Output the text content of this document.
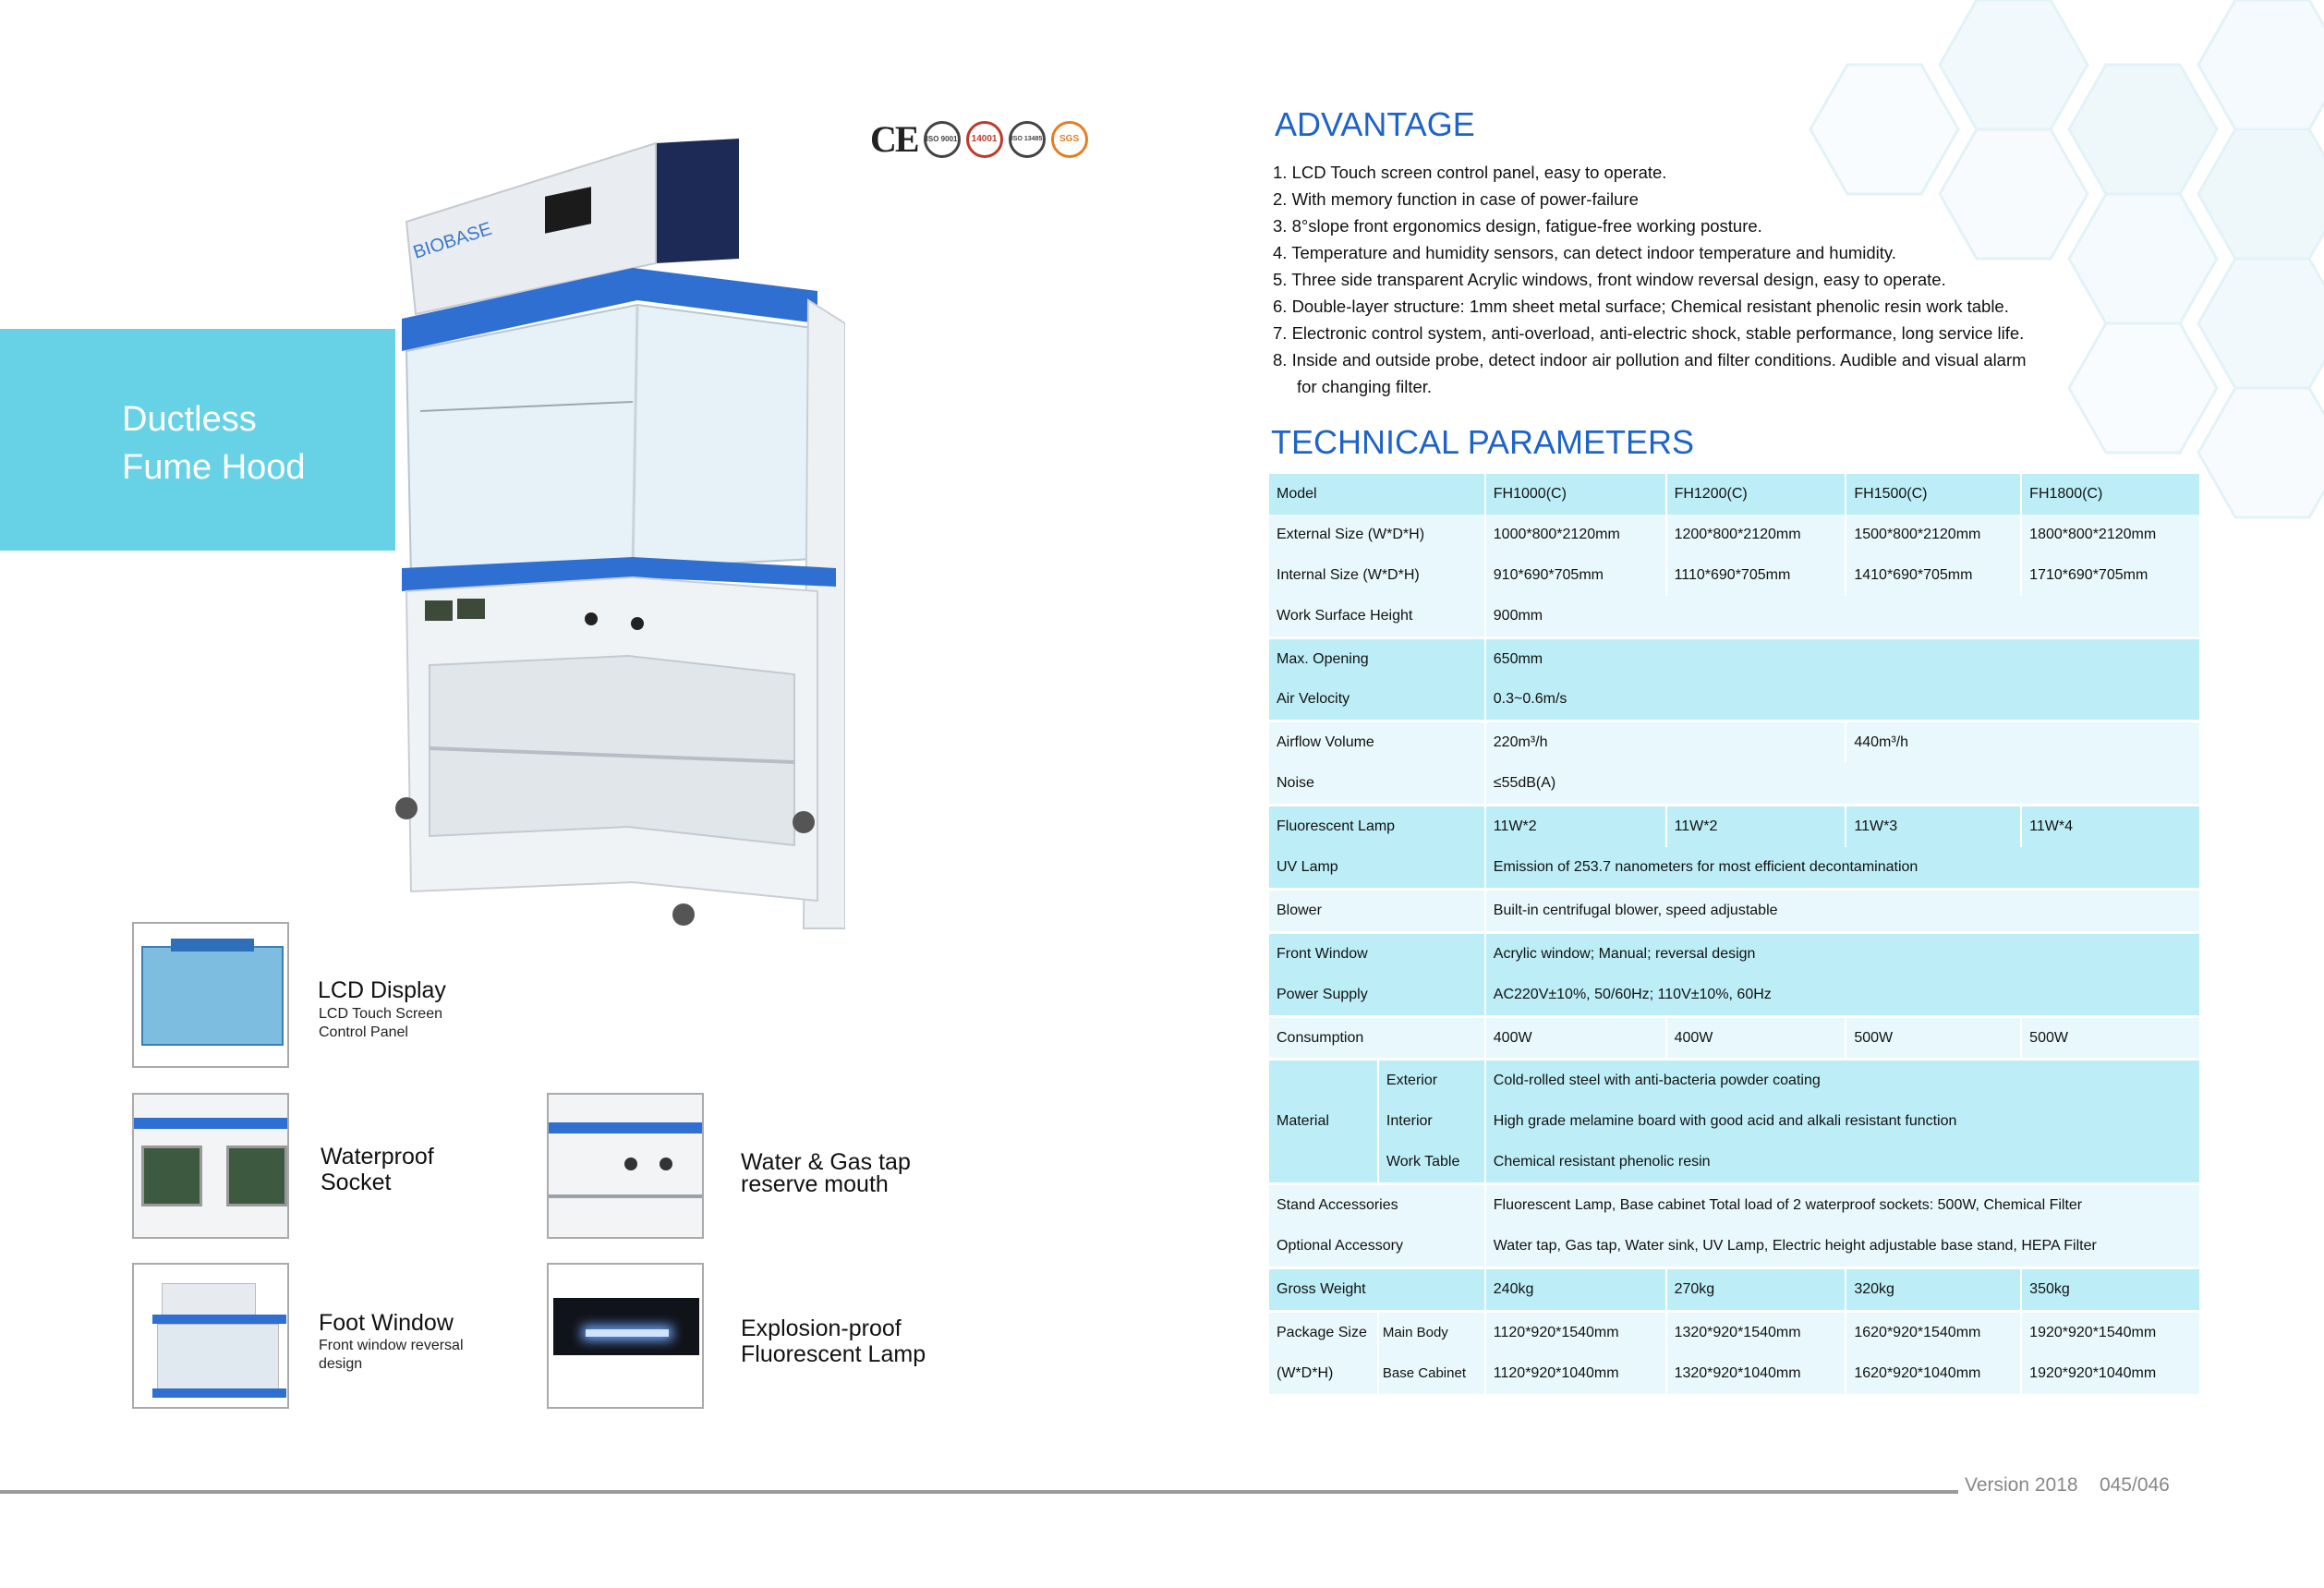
Ductless
Fume Hood
CE	ISO 9001	14001	ISO 13485	SGS
BIOBASE
LCD Display
LCD Touch Screen
Control Panel
Waterproof
Socket
Water & Gas tap
reserve mouth
Foot Window
Front window reversal
design
Explosion-proof
Fluorescent Lamp
ADVANTAGE
1. LCD Touch screen control panel, easy to operate.
2. With memory function in case of power-failure
3. 8°slope front ergonomics design, fatigue-free working posture.
4. Temperature and humidity sensors, can detect indoor temperature and humidity.
5. Three side transparent Acrylic windows, front window reversal design, easy to operate.
6. Double-layer structure: 1mm sheet metal surface; Chemical resistant phenolic resin work table.
7. Electronic control system, anti-overload, anti-electric shock, stable performance, long service life.
8. Inside and outside probe, detect indoor air pollution and filter conditions. Audible and visual alarm
for changing filter.
TECHNICAL PARAMETERS
Model		FH1000(C)	FH1200(C)	FH1500(C)	FH1800(C)
External Size (W*D*H)		1000*800*2120mm	1200*800*2120mm	1500*800*2120mm	1800*800*2120mm
Internal Size (W*D*H)		910*690*705mm	1110*690*705mm	1410*690*705mm	1710*690*705mm
Work Surface Height		900mm			
Max. Opening		650mm			
Air Velocity		0.3~0.6m/s			
Airflow Volume		220m³/h		440m³/h	
Noise		≤55dB(A)			
Fluorescent Lamp		11W*2	11W*2	11W*3	11W*4
UV Lamp		Emission of 253.7 nanometers for most efficient decontamination			
Blower		Built-in centrifugal blower, speed adjustable			
Front Window		Acrylic window; Manual; reversal design			
Power Supply		AC220V±10%, 50/60Hz; 110V±10%, 60Hz			
Consumption		400W	400W	500W	500W
Material	Exterior	Cold-rolled steel with anti-bacteria powder coating			
	Interior	High grade melamine board with good acid and alkali resistant function			
	Work Table	Chemical resistant phenolic resin			
Stand Accessories		Fluorescent Lamp, Base cabinet Total load of 2 waterproof sockets: 500W, Chemical Filter			
Optional Accessory		Water tap, Gas tap, Water sink, UV Lamp, Electric height adjustable base stand, HEPA Filter			
Gross Weight		240kg	270kg	320kg	350kg
Package Size	Main Body	1120*920*1540mm	1320*920*1540mm	1620*920*1540mm	1920*920*1540mm
(W*D*H)	Base Cabinet	1120*920*1040mm	1320*920*1040mm	1620*920*1040mm	1920*920*1040mm
Version 2018 045/046
